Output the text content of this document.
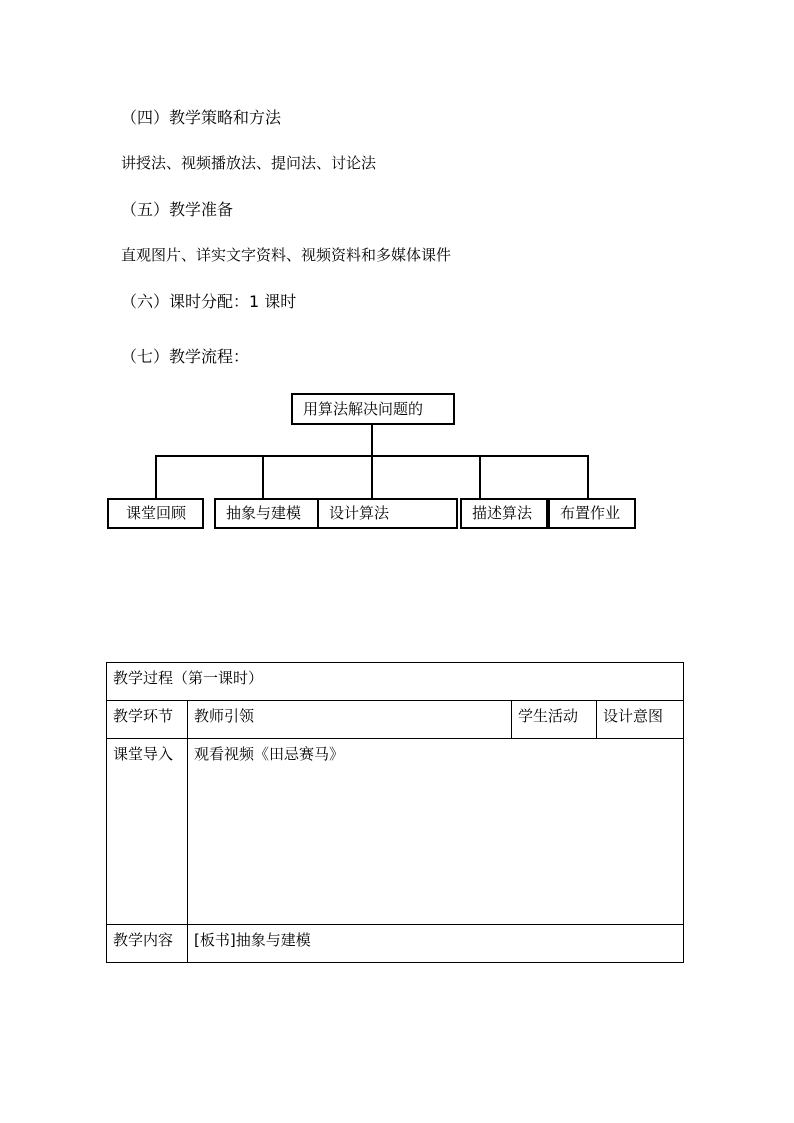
（四）教学策略和方法
讲授法、视频播放法、提问法、讨论法
（五）教学准备
直观图片、详实文字资料、视频资料和多媒体课件
（六）课时分配：1 课时
（七）教学流程：
用算法解决问题的
课堂回顾	抽象与建模 设计算法	描述算法 布置作业
教学过程（第一课时）			
教学环节	教师引领	学生活动	设计意图
课堂导入	观看视频《田忌赛马》		
教学内容	[板书]抽象与建模		
